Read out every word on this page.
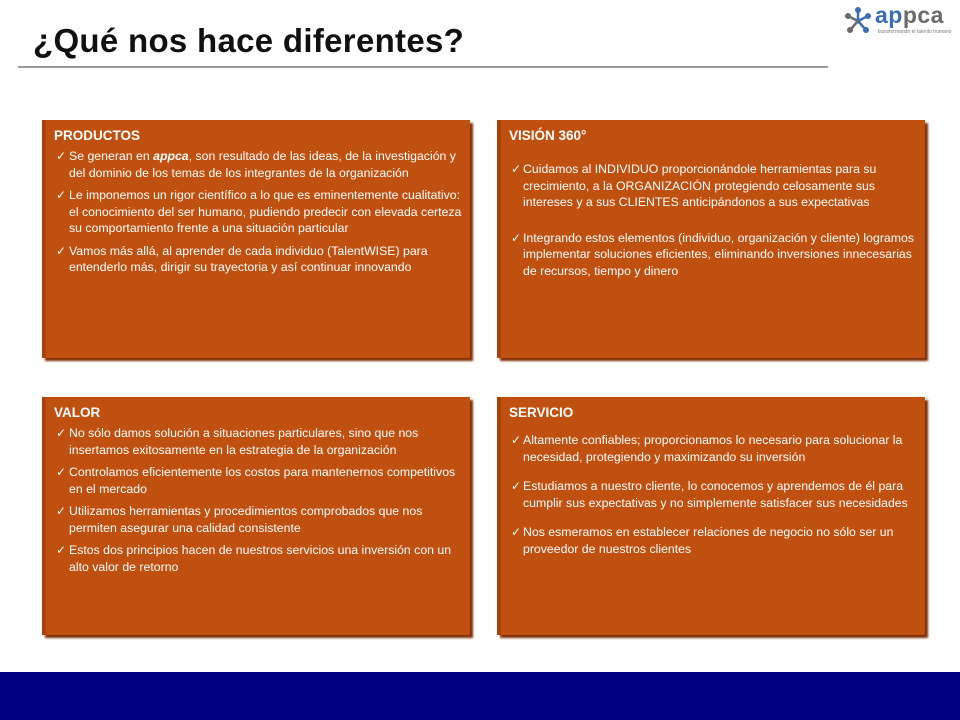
¿Qué nos hace diferentes?
appca
transformando el talento humano
PRODUCTOS
✓ Se generan en appca, son resultado de las ideas, de la investigación y del dominio de los temas de los integrantes de la organización
✓ Le imponemos un rigor científico a lo que es eminentemente cualitativo: el conocimiento del ser humano, pudiendo predecir con elevada certeza su comportamiento frente a una situación particular
✓ Vamos más allá, al aprender de cada individuo (TalentWISE) para entenderlo más, dirigir su trayectoria y así continuar innovando
VISIÓN 360°
✓ Cuidamos al INDIVIDUO proporcionándole herramientas para su crecimiento, a la ORGANIZACIÓN protegiendo celosamente sus intereses y a sus CLIENTES anticipándonos a sus expectativas
✓ Integrando estos elementos (individuo, organización y cliente) logramos implementar soluciones eficientes, eliminando inversiones innecesarias de recursos, tiempo y dinero
VALOR
✓ No sólo damos solución a situaciones particulares, sino que nos insertamos exitosamente en la estrategia de la organización
✓ Controlamos eficientemente los costos para mantenernos competitivos en el mercado
✓ Utilizamos herramientas y procedimientos comprobados que nos permiten asegurar una calidad consistente
✓ Estos dos principios hacen de nuestros servicios una inversión con un alto valor de retorno
SERVICIO
✓ Altamente confiables; proporcionamos lo necesario para solucionar la necesidad, protegiendo y maximizando su inversión
✓ Estudiamos a nuestro cliente, lo conocemos y aprendemos de él para cumplir sus expectativas y no simplemente satisfacer sus necesidades
✓ Nos esmeramos en establecer relaciones de negocio no sólo ser un proveedor de nuestros clientes
